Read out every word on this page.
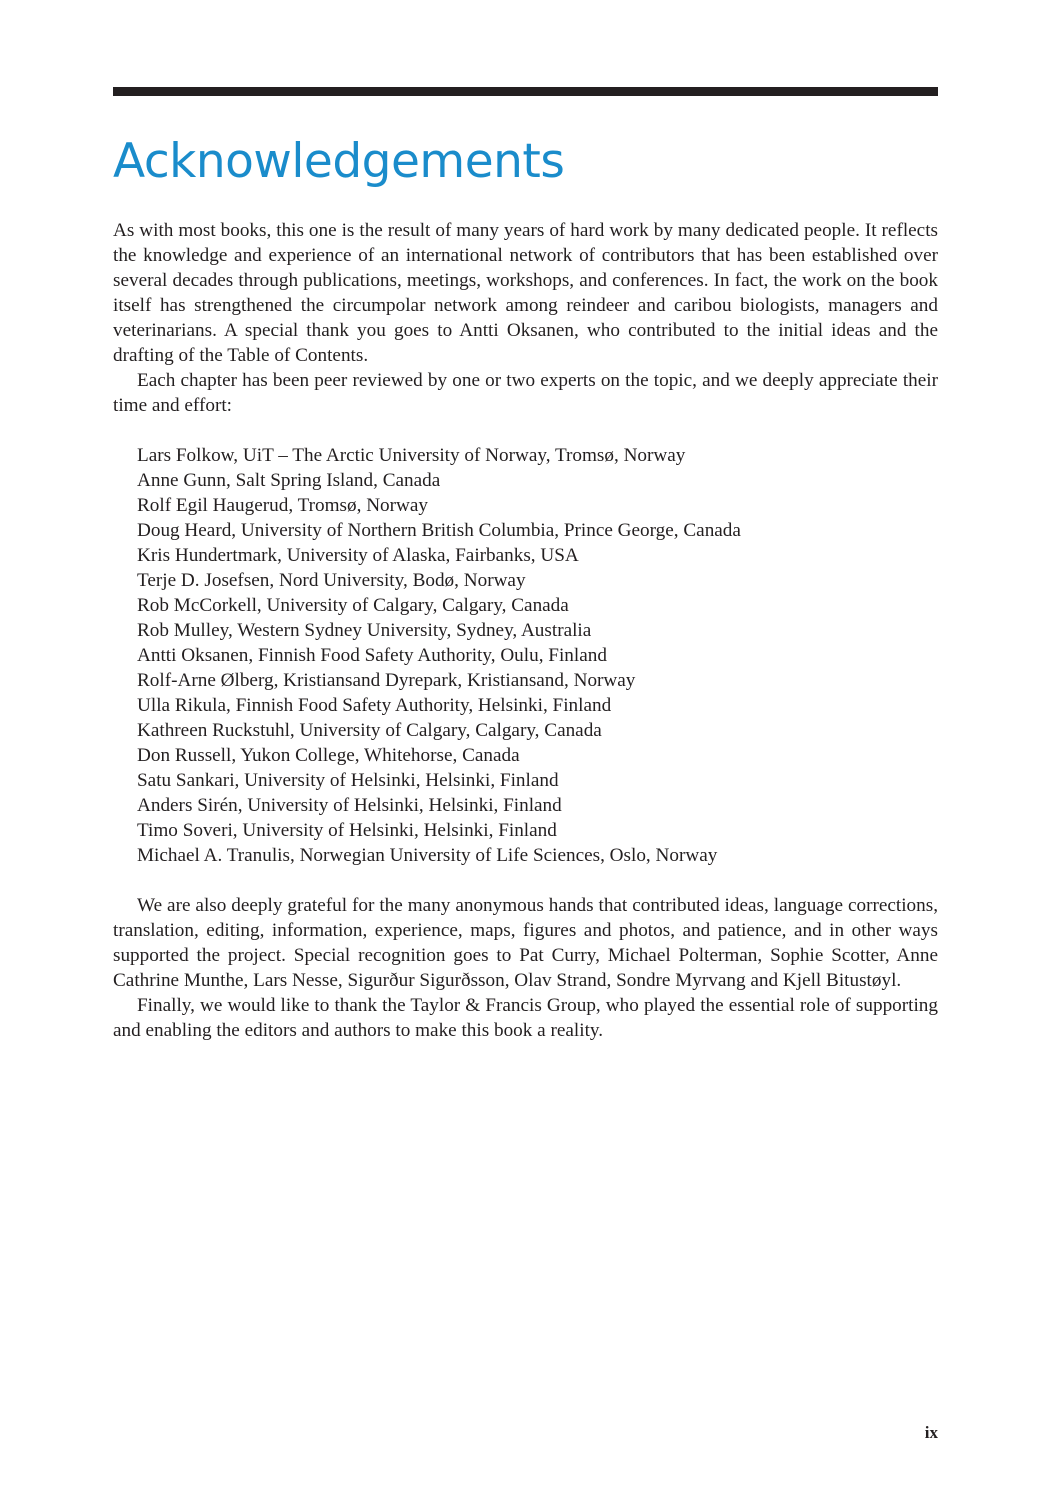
Acknowledgements

As with most books, this one is the result of many years of hard work by many dedicated people. It reflects the knowledge and experience of an international network of contributors that has been established over several decades through publications, meetings, workshops, and conferences. In fact, the work on the book itself has strengthened the circumpolar network among reindeer and caribou biologists, managers and veterinarians. A special thank you goes to Antti Oksanen, who contributed to the initial ideas and the drafting of the Table of Contents.

Each chapter has been peer reviewed by one or two experts on the topic, and we deeply appreciate their time and effort:

Lars Folkow, UiT – The Arctic University of Norway, Tromsø, Norway
Anne Gunn, Salt Spring Island, Canada
Rolf Egil Haugerud, Tromsø, Norway
Doug Heard, University of Northern British Columbia, Prince George, Canada
Kris Hundertmark, University of Alaska, Fairbanks, USA
Terje D. Josefsen, Nord University, Bodø, Norway
Rob McCorkell, University of Calgary, Calgary, Canada
Rob Mulley, Western Sydney University, Sydney, Australia
Antti Oksanen, Finnish Food Safety Authority, Oulu, Finland
Rolf-Arne Ølberg, Kristiansand Dyrepark, Kristiansand, Norway
Ulla Rikula, Finnish Food Safety Authority, Helsinki, Finland
Kathreen Ruckstuhl, University of Calgary, Calgary, Canada
Don Russell, Yukon College, Whitehorse, Canada
Satu Sankari, University of Helsinki, Helsinki, Finland
Anders Sirén, University of Helsinki, Helsinki, Finland
Timo Soveri, University of Helsinki, Helsinki, Finland
Michael A. Tranulis, Norwegian University of Life Sciences, Oslo, Norway

We are also deeply grateful for the many anonymous hands that contributed ideas, language corrections, translation, editing, information, experience, maps, figures and photos, and patience, and in other ways supported the project. Special recognition goes to Pat Curry, Michael Polterman, Sophie Scotter, Anne Cathrine Munthe, Lars Nesse, Sigurður Sigurðsson, Olav Strand, Sondre Myrvang and Kjell Bitustøyl.

Finally, we would like to thank the Taylor & Francis Group, who played the essential role of supporting and enabling the editors and authors to make this book a reality.

ix
